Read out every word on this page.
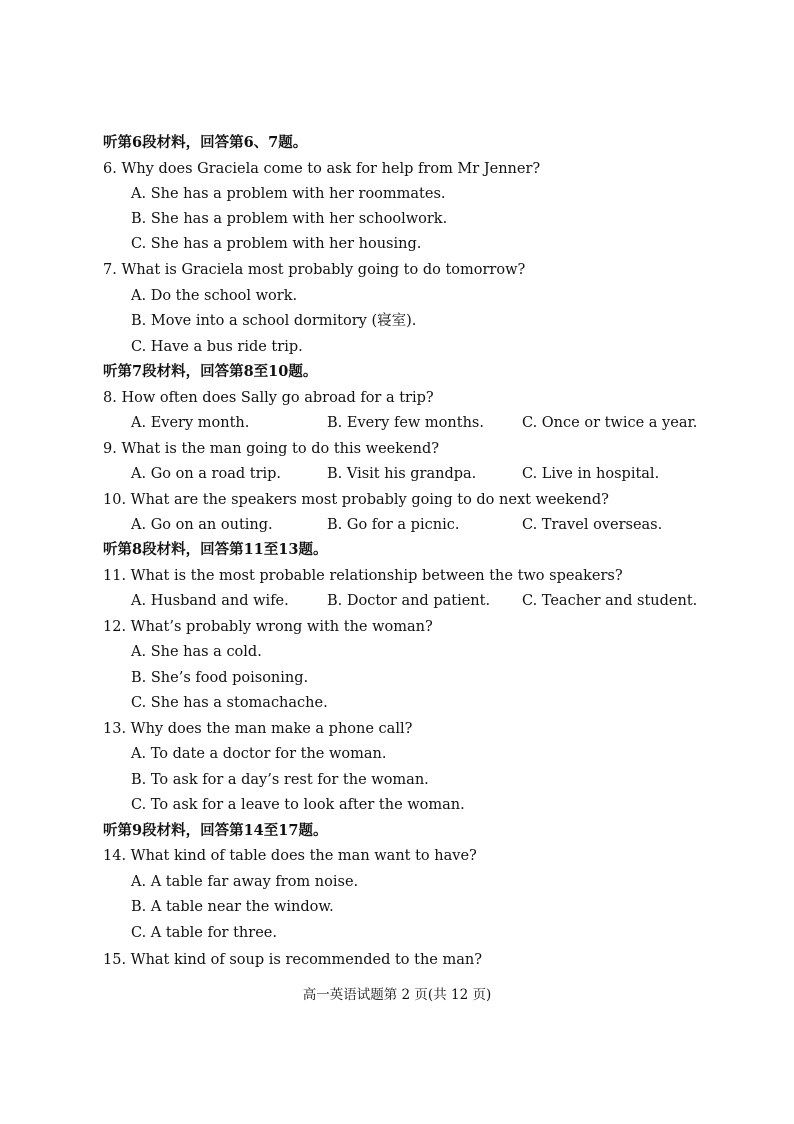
听第6段材料，回答第6、7题。
6. Why does Graciela come to ask for help from Mr Jenner?
A. She has a problem with her roommates.
B. She has a problem with her schoolwork.
C. She has a problem with her housing.
7. What is Graciela most probably going to do tomorrow?
A. Do the school work.
B. Move into a school dormitory (寝室).
C. Have a bus ride trip.
听第7段材料，回答第8至10题。
8. How often does Sally go abroad for a trip?
A. Every month.	B. Every few months.	C. Once or twice a year.
9. What is the man going to do this weekend?
A. Go on a road trip.	B. Visit his grandpa.	C. Live in hospital.
10. What are the speakers most probably going to do next weekend?
A. Go on an outing.	B. Go for a picnic.	C. Travel overseas.
听第8段材料，回答第11至13题。
11. What is the most probable relationship between the two speakers?
A. Husband and wife.	B. Doctor and patient. C. Teacher and student.
12. What’s probably wrong with the woman?
A. She has a cold.
B. She’s food poisoning.
C. She has a stomachache.
13. Why does the man make a phone call?
A. To date a doctor for the woman.
B. To ask for a day’s rest for the woman.
C. To ask for a leave to look after the woman.
听第9段材料，回答第14至17题。
14. What kind of table does the man want to have?
A. A table far away from noise.
B. A table near the window.
C. A table for three.
15. What kind of soup is recommended to the man?
高一英语试题第 2 页(共 12 页)
